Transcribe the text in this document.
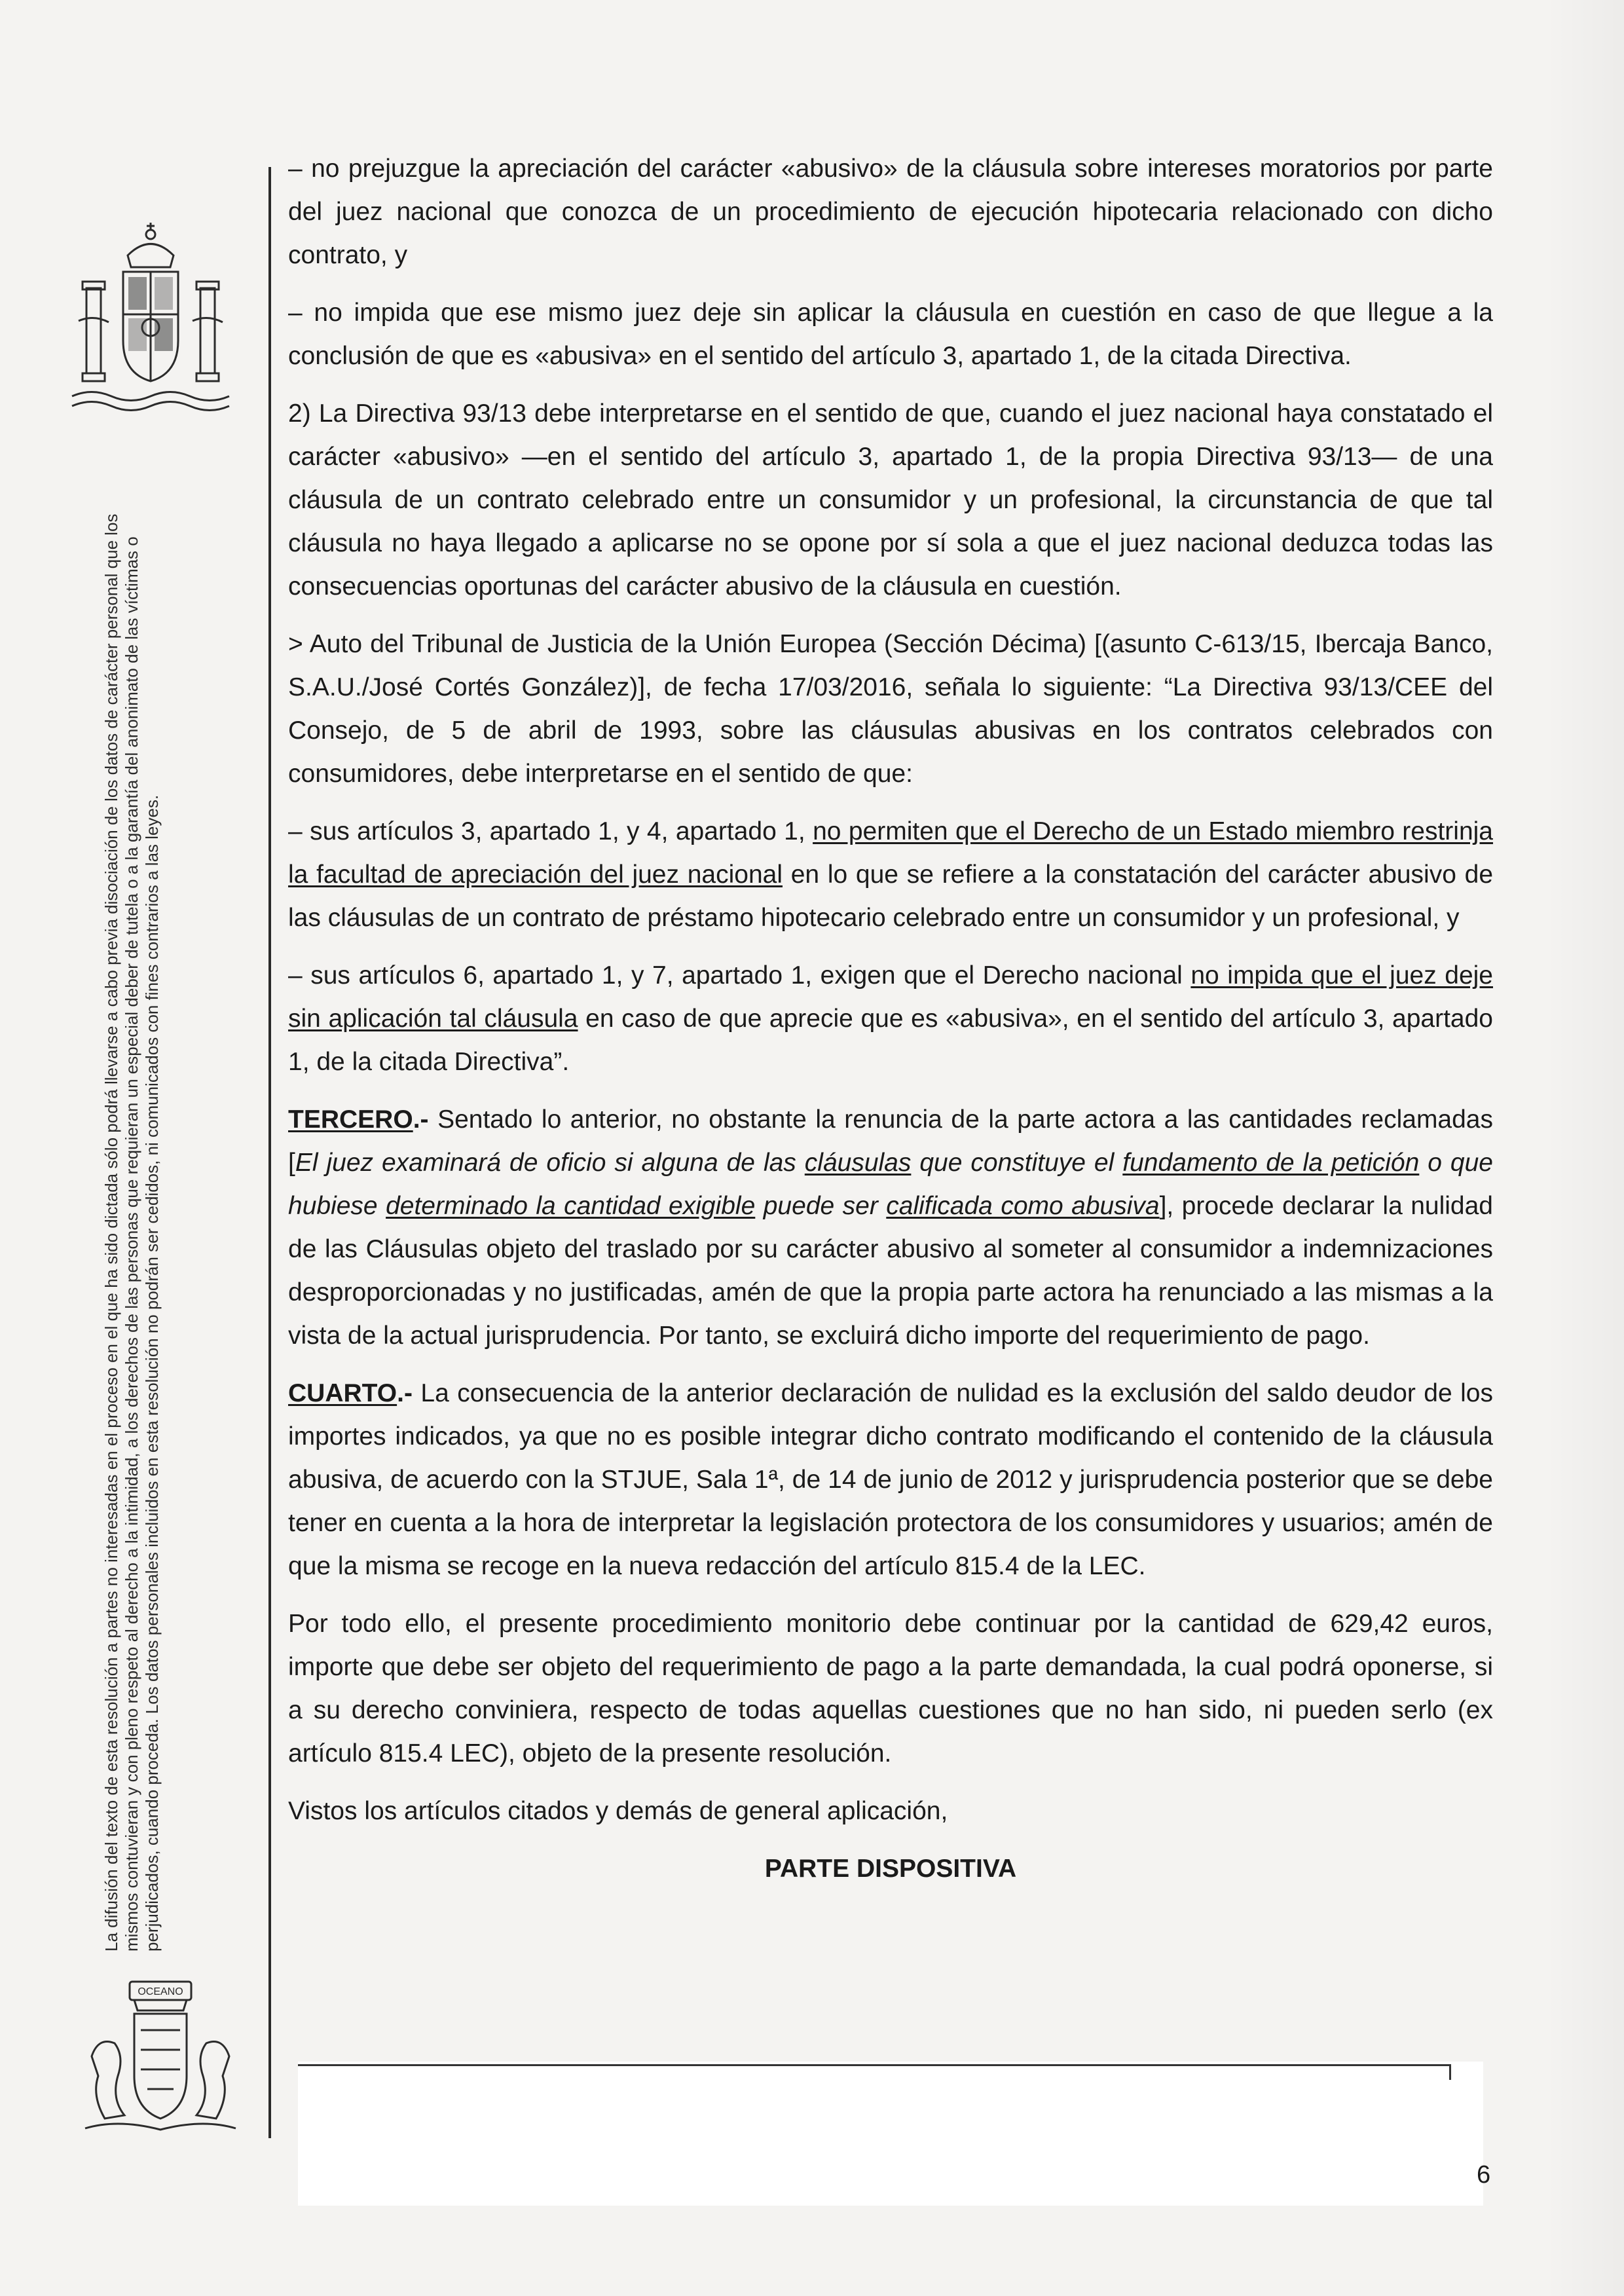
La difusión del texto de esta resolución a partes no interesadas en el proceso en el que ha sido dictada sólo podrá llevarse a cabo previa disociación de los datos de carácter personal que los mismos contuvieran y con pleno respeto al derecho a la intimidad, a los derechos de las personas que requieran un especial deber de tutela o a la garantía del anonimato de las víctimas o perjudicados, cuando proceda. Los datos personales incluidos en esta resolución no podrán ser cedidos, ni comunicados con fines contrarios a las leyes.
OCEANO

– no prejuzgue la apreciación del carácter «abusivo» de la cláusula sobre intereses moratorios por parte del juez nacional que conozca de un procedimiento de ejecución hipotecaria relacionado con dicho contrato, y

– no impida que ese mismo juez deje sin aplicar la cláusula en cuestión en caso de que llegue a la conclusión de que es «abusiva» en el sentido del artículo 3, apartado 1, de la citada Directiva.

2) La Directiva 93/13 debe interpretarse en el sentido de que, cuando el juez nacional haya constatado el carácter «abusivo» —en el sentido del artículo 3, apartado 1, de la propia Directiva 93/13— de una cláusula de un contrato celebrado entre un consumidor y un profesional, la circunstancia de que tal cláusula no haya llegado a aplicarse no se opone por sí sola a que el juez nacional deduzca todas las consecuencias oportunas del carácter abusivo de la cláusula en cuestión.

> Auto del Tribunal de Justicia de la Unión Europea (Sección Décima) [(asunto C-613/15, Ibercaja Banco, S.A.U./José Cortés González)], de fecha 17/03/2016, señala lo siguiente: “La Directiva 93/13/CEE del Consejo, de 5 de abril de 1993, sobre las cláusulas abusivas en los contratos celebrados con consumidores, debe interpretarse en el sentido de que:

– sus artículos 3, apartado 1, y 4, apartado 1, no permiten que el Derecho de un Estado miembro restrinja la facultad de apreciación del juez nacional en lo que se refiere a la constatación del carácter abusivo de las cláusulas de un contrato de préstamo hipotecario celebrado entre un consumidor y un profesional, y

– sus artículos 6, apartado 1, y 7, apartado 1, exigen que el Derecho nacional no impida que el juez deje sin aplicación tal cláusula en caso de que aprecie que es «abusiva», en el sentido del artículo 3, apartado 1, de la citada Directiva”.

TERCERO.- Sentado lo anterior, no obstante la renuncia de la parte actora a las cantidades reclamadas [El juez examinará de oficio si alguna de las cláusulas que constituye el fundamento de la petición o que hubiese determinado la cantidad exigible puede ser calificada como abusiva], procede declarar la nulidad de las Cláusulas objeto del traslado por su carácter abusivo al someter al consumidor a indemnizaciones desproporcionadas y no justificadas, amén de que la propia parte actora ha renunciado a las mismas a la vista de la actual jurisprudencia. Por tanto, se excluirá dicho importe del requerimiento de pago.

CUARTO.- La consecuencia de la anterior declaración de nulidad es la exclusión del saldo deudor de los importes indicados, ya que no es posible integrar dicho contrato modificando el contenido de la cláusula abusiva, de acuerdo con la STJUE, Sala 1ª, de 14 de junio de 2012 y jurisprudencia posterior que se debe tener en cuenta a la hora de interpretar la legislación protectora de los consumidores y usuarios; amén de que la misma se recoge en la nueva redacción del artículo 815.4 de la LEC.

Por todo ello, el presente procedimiento monitorio debe continuar por la cantidad de 629,42 euros, importe que debe ser objeto del requerimiento de pago a la parte demandada, la cual podrá oponerse, si a su derecho conviniera, respecto de todas aquellas cuestiones que no han sido, ni pueden serlo (ex artículo 815.4 LEC), objeto de la presente resolución.

Vistos los artículos citados y demás de general aplicación,

PARTE DISPOSITIVA

6
